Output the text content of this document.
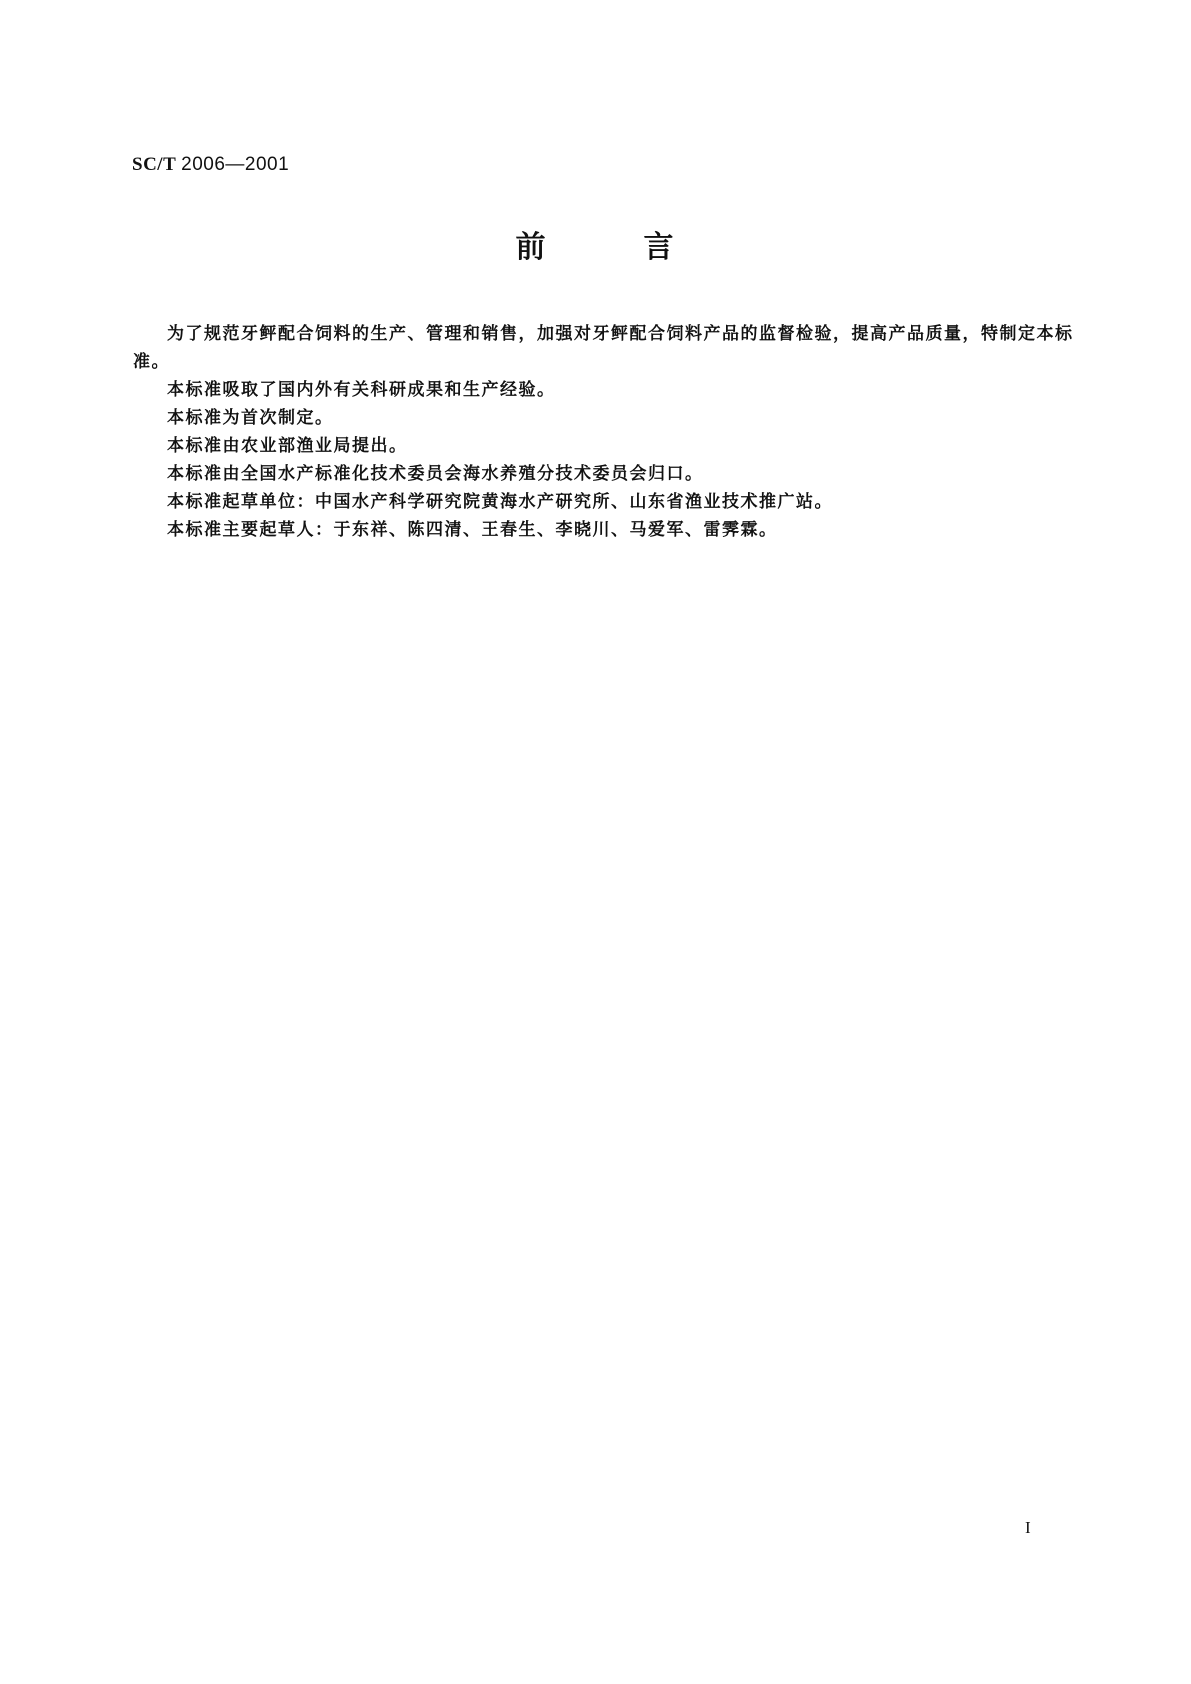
SC/T 2006—2001
前	言

为了规范牙鲆配合饲料的生产、管理和销售，加强对牙鲆配合饲料产品的监督检验，提高产品质量，特制定本标准。

本标准吸取了国内外有关科研成果和生产经验。

本标准为首次制定。

本标准由农业部渔业局提出。

本标准由全国水产标准化技术委员会海水养殖分技术委员会归口。

本标准起草单位：中国水产科学研究院黄海水产研究所、山东省渔业技术推广站。

本标准主要起草人：于东祥、陈四清、王春生、李晓川、马爱军、雷霁霖。

I
